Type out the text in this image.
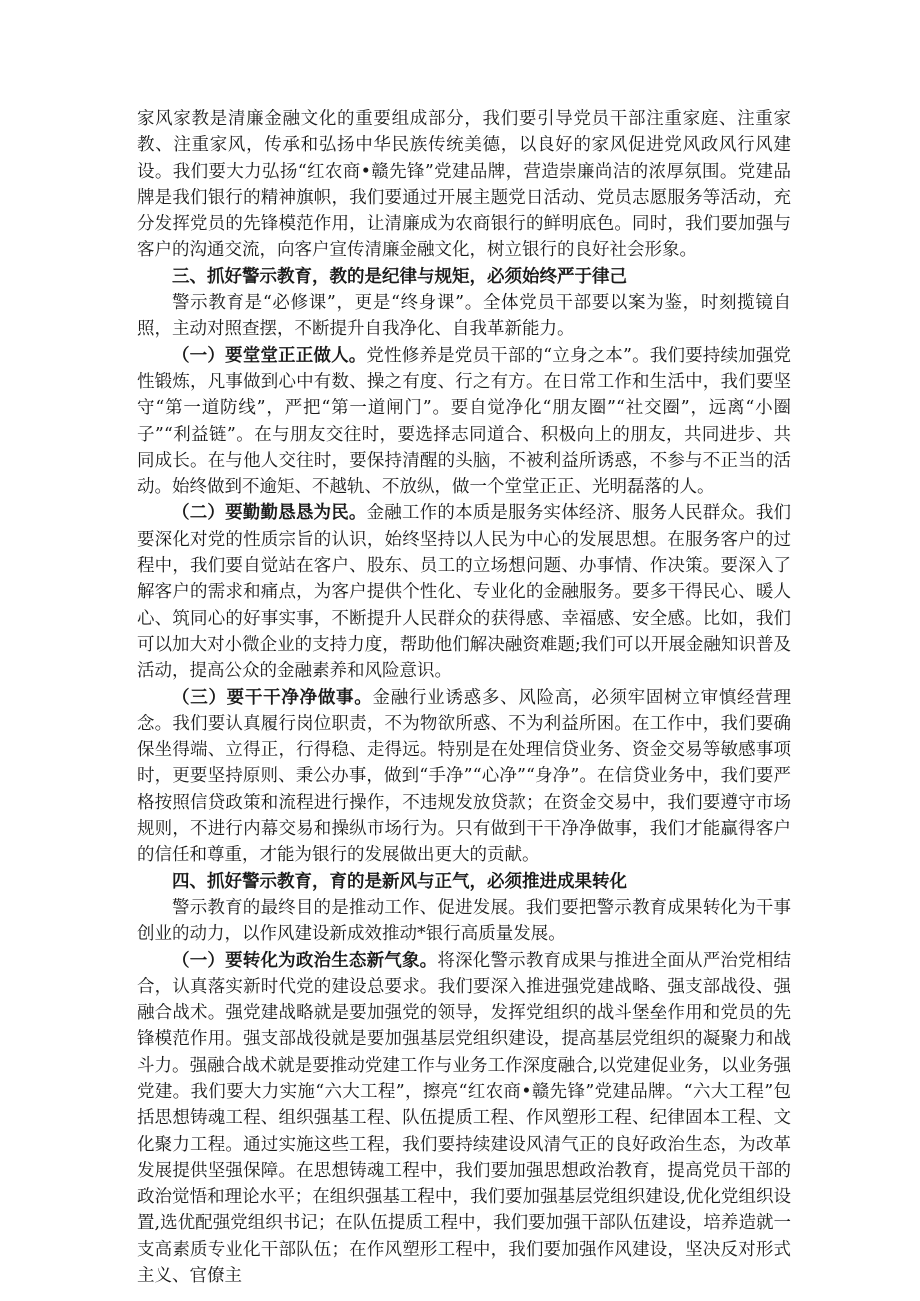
家风家教是清廉金融文化的重要组成部分，我们要引导党员干部注重家庭、注重家教、注重家风，传承和弘扬中华民族传统美德，以良好的家风促进党风政风行风建设。我们要大力弘扬“红农商•赣先锋”党建品牌，营造崇廉尚洁的浓厚氛围。党建品牌是我们银行的精神旗帜，我们要通过开展主题党日活动、党员志愿服务等活动，充分发挥党员的先锋模范作用，让清廉成为农商银行的鲜明底色。同时，我们要加强与客户的沟通交流，向客户宣传清廉金融文化，树立银行的良好社会形象。

三、抓好警示教育，教的是纪律与规矩，必须始终严于律己

警示教育是“必修课”，更是“终身课”。全体党员干部要以案为鉴，时刻揽镜自照，主动对照查摆，不断提升自我净化、自我革新能力。

（一）要堂堂正正做人。党性修养是党员干部的“立身之本”。我们要持续加强党性锻炼，凡事做到心中有数、操之有度、行之有方。在日常工作和生活中，我们要坚守“第一道防线”，严把“第一道闸门”。要自觉净化“朋友圈”“社交圈”，远离“小圈子”“利益链”。在与朋友交往时，要选择志同道合、积极向上的朋友，共同进步、共同成长。在与他人交往时，要保持清醒的头脑，不被利益所诱惑，不参与不正当的活动。始终做到不逾矩、不越轨、不放纵，做一个堂堂正正、光明磊落的人。

（二）要勤勤恳恳为民。金融工作的本质是服务实体经济、服务人民群众。我们要深化对党的性质宗旨的认识，始终坚持以人民为中心的发展思想。在服务客户的过程中，我们要自觉站在客户、股东、员工的立场想问题、办事情、作决策。要深入了解客户的需求和痛点，为客户提供个性化、专业化的金融服务。要多干得民心、暖人心、筑同心的好事实事，不断提升人民群众的获得感、幸福感、安全感。比如，我们可以加大对小微企业的支持力度，帮助他们解决融资难题;我们可以开展金融知识普及活动，提高公众的金融素养和风险意识。

（三）要干干净净做事。金融行业诱惑多、风险高，必须牢固树立审慎经营理念。我们要认真履行岗位职责，不为物欲所惑、不为利益所困。在工作中，我们要确保坐得端、立得正，行得稳、走得远。特别是在处理信贷业务、资金交易等敏感事项时，更要坚持原则、秉公办事，做到“手净”“心净”“身净”。在信贷业务中，我们要严格按照信贷政策和流程进行操作，不违规发放贷款；在资金交易中，我们要遵守市场规则，不进行内幕交易和操纵市场行为。只有做到干干净净做事，我们才能赢得客户的信任和尊重，才能为银行的发展做出更大的贡献。

四、抓好警示教育，育的是新风与正气，必须推进成果转化

警示教育的最终目的是推动工作、促进发展。我们要把警示教育成果转化为干事创业的动力，以作风建设新成效推动*银行高质量发展。

（一）要转化为政治生态新气象。将深化警示教育成果与推进全面从严治党相结合，认真落实新时代党的建设总要求。我们要深入推进强党建战略、强支部战役、强融合战术。强党建战略就是要加强党的领导，发挥党组织的战斗堡垒作用和党员的先锋模范作用。强支部战役就是要加强基层党组织建设，提高基层党组织的凝聚力和战斗力。强融合战术就是要推动党建工作与业务工作深度融合,以党建促业务，以业务强党建。我们要大力实施“六大工程”，擦亮“红农商•赣先锋”党建品牌。“六大工程”包括思想铸魂工程、组织强基工程、队伍提质工程、作风塑形工程、纪律固本工程、文化聚力工程。通过实施这些工程，我们要持续建设风清气正的良好政治生态，为改革发展提供坚强保障。在思想铸魂工程中，我们要加强思想政治教育，提高党员干部的政治觉悟和理论水平；在组织强基工程中，我们要加强基层党组织建设,优化党组织设置,选优配强党组织书记；在队伍提质工程中，我们要加强干部队伍建设，培养造就一支高素质专业化干部队伍；在作风塑形工程中，我们要加强作风建设，坚决反对形式主义、官僚主
